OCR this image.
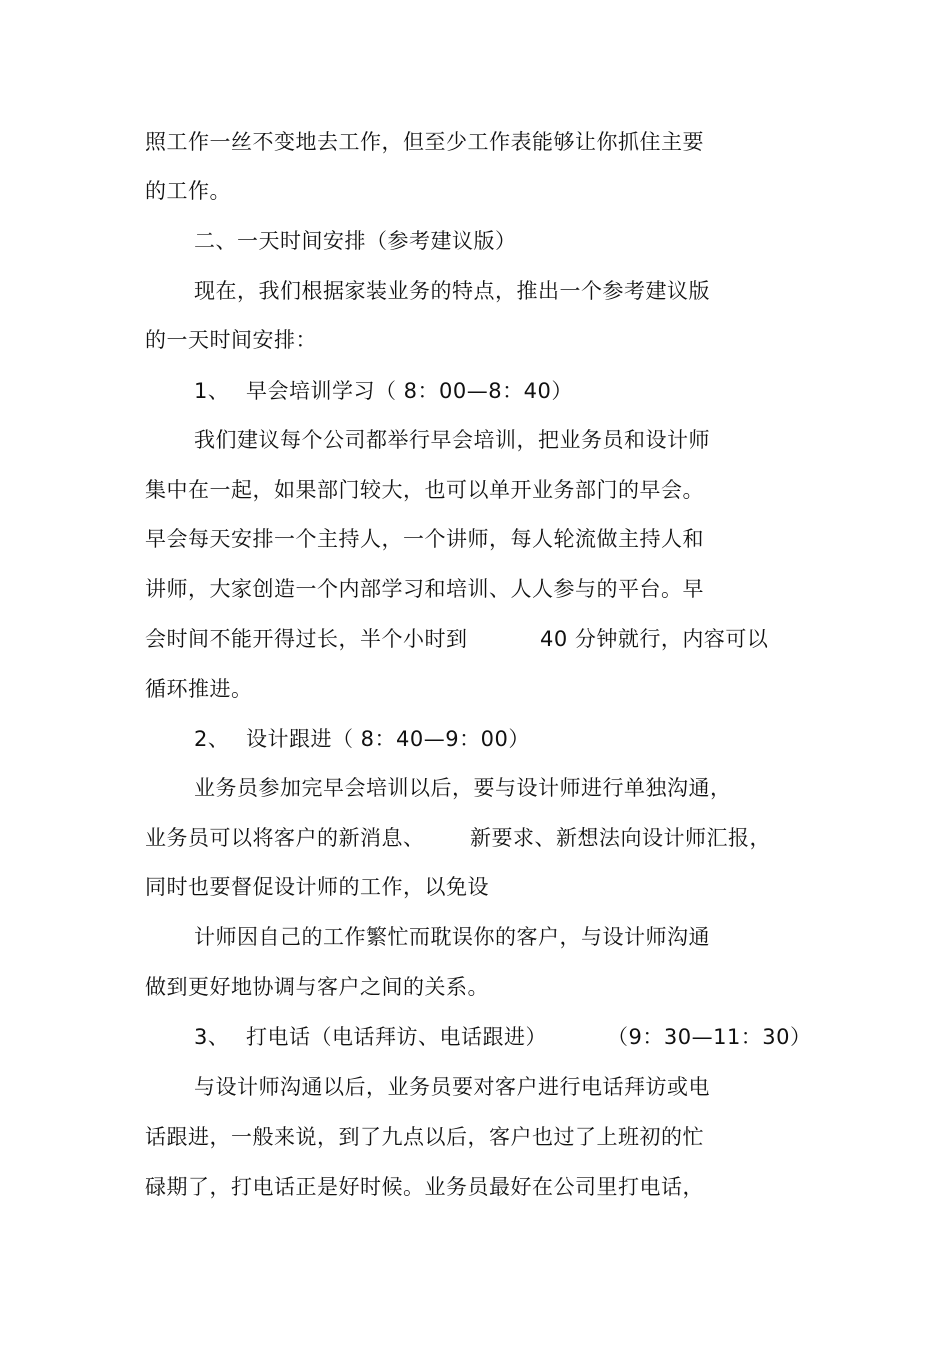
照工作一丝不变地去工作，但至少工作表能够让你抓住主要
的工作。
二、一天时间安排（参考建议版）
现在，我们根据家装业务的特点，推出一个参考建议版
的一天时间安排：
1、 早会培训学习（ 8：00—8：40）
我们建议每个公司都举行早会培训，把业务员和设计师
集中在一起，如果部门较大，也可以单开业务部门的早会。
早会每天安排一个主持人，一个讲师，每人轮流做主持人和
讲师，大家创造一个内部学习和培训、人人参与的平台。早
会时间不能开得过长，半个小时到	40 分钟就行，内容可以
循环推进。
2、 设计跟进（ 8：40—9：00）
业务员参加完早会培训以后，要与设计师进行单独沟通，
业务员可以将客户的新消息、 新要求、新想法向设计师汇报，
同时也要督促设计师的工作，以免设
计师因自己的工作繁忙而耽误你的客户，与设计师沟通
做到更好地协调与客户之间的关系。
3、 打电话（电话拜访、电话跟进）	（9：30—11：30）
与设计师沟通以后，业务员要对客户进行电话拜访或电
话跟进，一般来说，到了九点以后，客户也过了上班初的忙
碌期了，打电话正是好时候。业务员最好在公司里打电话，
